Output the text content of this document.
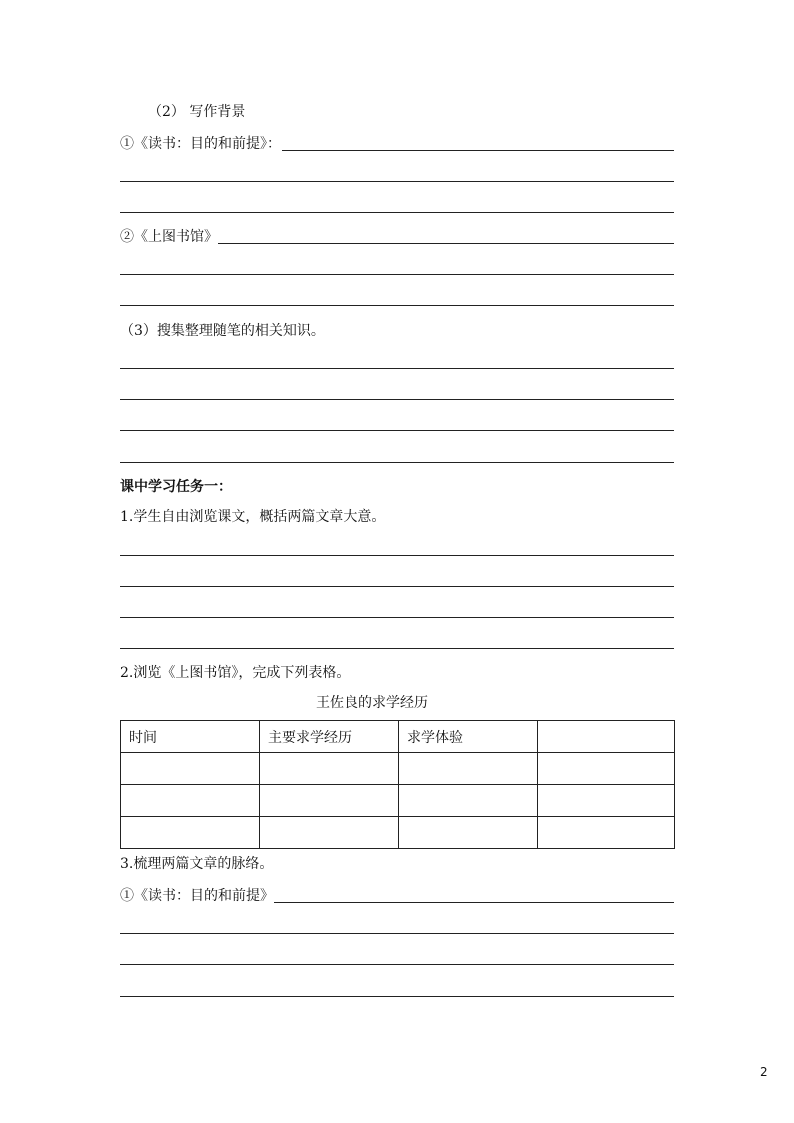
（2） 写作背景
①《读书：目的和前提》：
②《上图书馆》
（3）搜集整理随笔的相关知识。
课中学习任务一：
1.学生自由浏览课文，概括两篇文章大意。
2.浏览《上图书馆》，完成下列表格。
王佐良的求学经历
时间	主要求学经历	求学体验	

3.梳理两篇文章的脉络。
①《读书：目的和前提》
2
